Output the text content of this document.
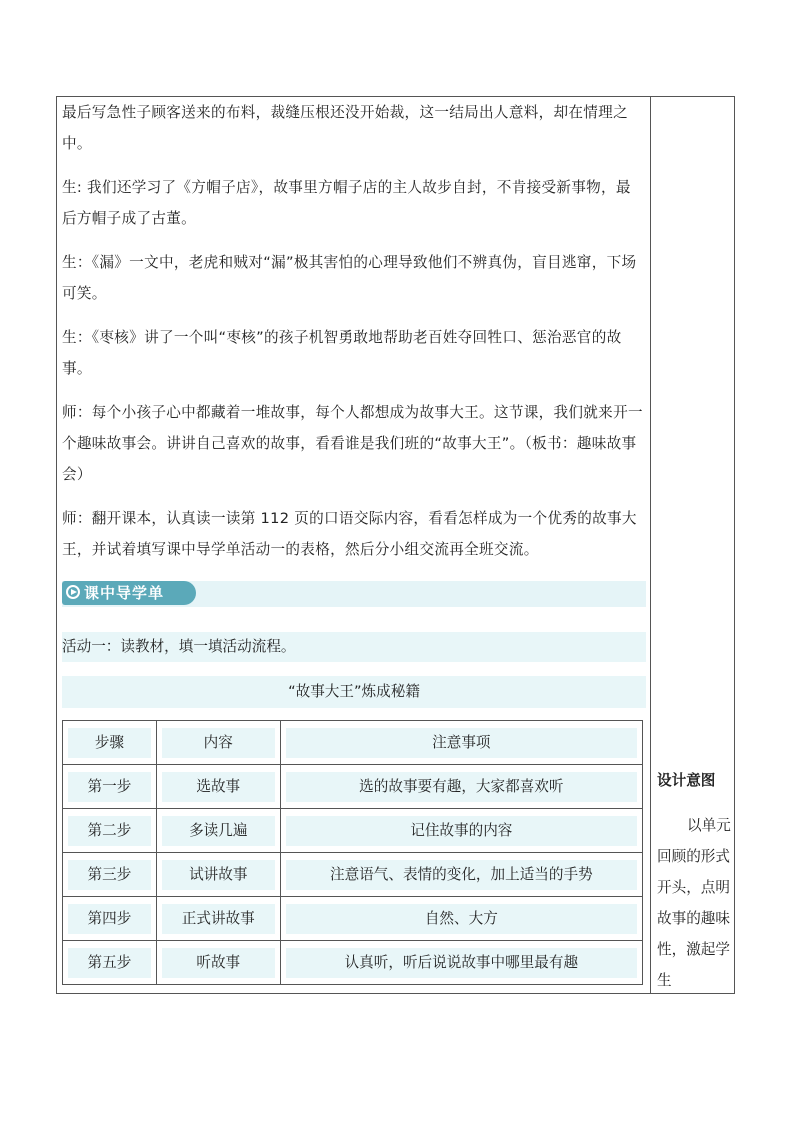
最后写急性子顾客送来的布料，裁缝压根还没开始裁，这一结局出人意料，却在情理之中。

生: 我们还学习了《方帽子店》，故事里方帽子店的主人故步自封，不肯接受新事物，最后方帽子成了古董。

生：《漏》一文中，老虎和贼对“漏”极其害怕的心理导致他们不辨真伪，盲目逃窜，下场可笑。

生：《枣核》讲了一个叫“枣核”的孩子机智勇敢地帮助老百姓夺回牲口、惩治恶官的故事。

师：每个小孩子心中都藏着一堆故事，每个人都想成为故事大王。这节课，我们就来开一个趣味故事会。讲讲自己喜欢的故事，看看谁是我们班的“故事大王”。（板书：趣味故事会）

师：翻开课本，认真读一读第 112 页的口语交际内容，看看怎样成为一个优秀的故事大王，并试着填写课中导学单活动一的表格，然后分小组交流再全班交流。

课中导学单
活动一：读教材，填一填活动流程。
“故事大王”炼成秘籍
步骤	内容	注意事项

第一步	选故事	选的故事要有趣，大家都喜欢听

第二步	多读几遍	记住故事的内容

第三步	试讲故事	注意语气、表情的变化，加上适当的手势

第四步	正式讲故事	自然、大方

第五步	听故事	认真听，听后说说故事中哪里最有趣
设计意图
以单元回顾的形式开头，点明故事的趣味性，激起学生
